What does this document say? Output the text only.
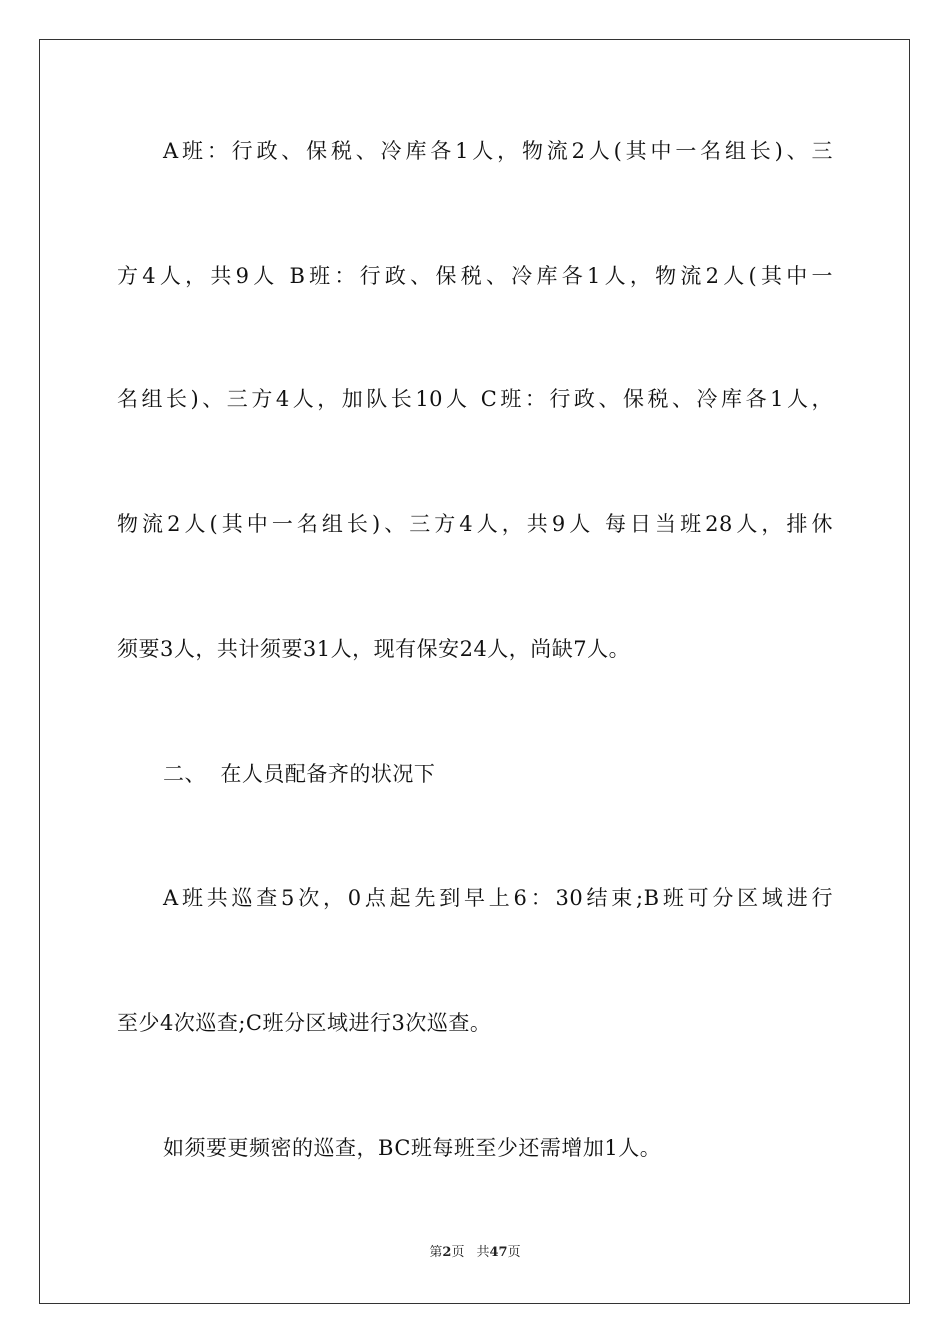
A班：行政、保税、冷库各1人，物流2人(其中一名组长)、三
方4人，共9人 B班：行政、保税、冷库各1人，物流2人(其中一
名组长)、三方4人，加队长10人 C班：行政、保税、冷库各1人，
物流2人(其中一名组长)、三方4人，共9人 每日当班28人，排休
须要3人，共计须要31人，现有保安24人，尚缺7人。
二、  在人员配备齐的状况下
A班共巡查5次，0点起先到早上6：30结束;B班可分区域进行
至少4次巡查;C班分区域进行3次巡查。
如须要更频密的巡查，BC班每班至少还需增加1人。
第2页 共47页
